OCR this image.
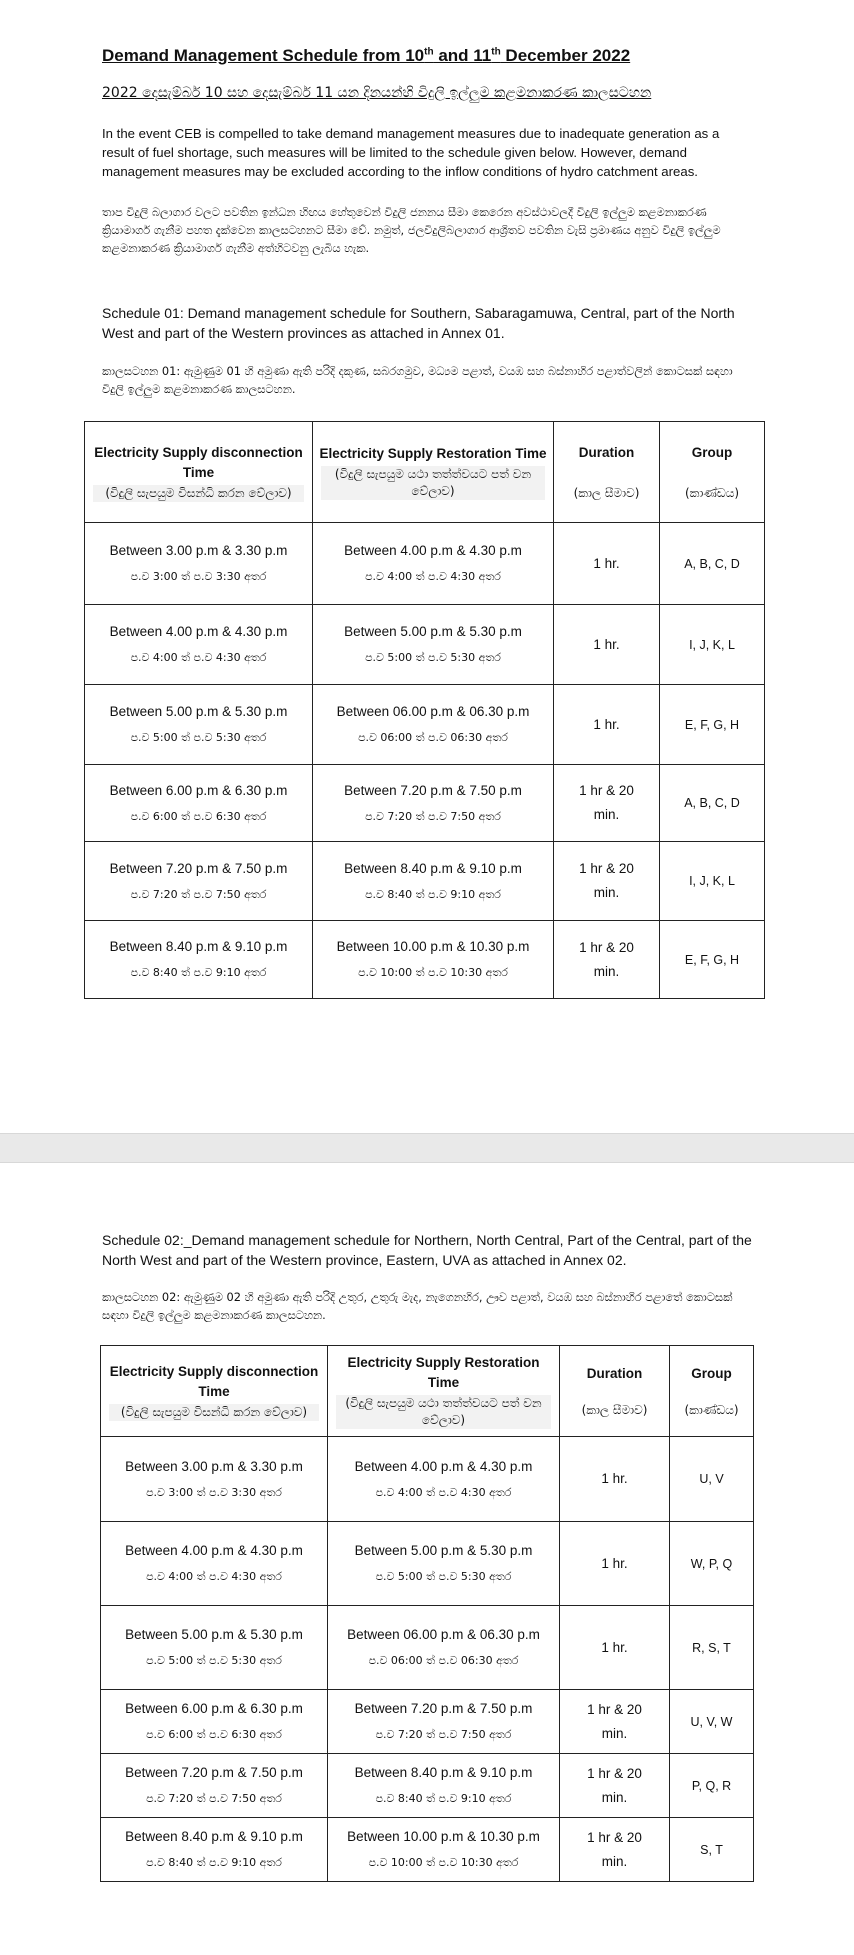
Demand Management Schedule from 10th and 11th December 2022
2022 දෙසැම්බර් 10 සහ දෙසැම්බර් 11 යන දිනයන්හි විදුලි ඉල්ලුම කළමනාකරණ කාලසටහන
In the event CEB is compelled to take demand management measures due to inadequate generation as a result of fuel shortage, such measures will be limited to the schedule given below. However, demand management measures may be excluded according to the inflow conditions of hydro catchment areas.
තාප විදුලි බලාගාර වලට පවතින ඉන්ධන හිඟය හේතුවෙන් විදුලි ජනනය සීමා කෙරෙන අවස්ථාවලදී විදුලි ඉල්ලුම කළමනාකරණ ක්‍රියාමාර්ග ගැනීම පහත දැක්වෙන කාලසටහනට සීමා වේ. නමුත්, ජලවිදුලිබලාගාර ආශ්‍රිතව පවතින වැසි ප්‍රමාණය අනුව විදුලි ඉල්ලුම කළමනාකරණ ක්‍රියාමාර්ග ගැනීම අත්හිටවනු ලැබිය හැක.
Schedule 01: Demand management schedule for Southern, Sabaragamuwa, Central, part of the North West and part of the Western provinces as attached in Annex 01.
කාලසටහන 01: ඇමුණුම 01 හි අමුණා ඇති පරිදි දකුණ, සබරගමුව, මධ්‍යම පළාත්, වයඹ සහ බස්නාහිර පළාත්වලින් කොටසක් සඳහා විදුලි ඉල්ලුම කළමනාකරණ කාලසටහන.
Electricity Supply disconnection Time
(විදුලි සැපයුම විසන්ධි කරන වේලාව)	Electricity Supply Restoration Time
(විදුලි සැපයුම යථා තත්ත්වයට පත් වන වේලාව)	Duration
(කාල සීමාව)	Group
(කාණ්ඩය)

Between 3.00 p.m & 3.30 p.m
ප.ව 3:00 ත් ප.ව 3:30 අතර	Between 4.00 p.m & 4.30 p.m
ප.ව 4:00 ත් ප.ව 4:30 අතර	1 hr.	A, B, C, D

Between 4.00 p.m & 4.30 p.m
ප.ව 4:00 ත් ප.ව 4:30 අතර	Between 5.00 p.m & 5.30 p.m
ප.ව 5:00 ත් ප.ව 5:30 අතර	1 hr.	I, J, K, L

Between 5.00 p.m & 5.30 p.m
ප.ව 5:00 ත් ප.ව 5:30 අතර	Between 06.00 p.m & 06.30 p.m
ප.ව 06:00 ත් ප.ව 06:30 අතර	1 hr.	E, F, G, H

Between 6.00 p.m & 6.30 p.m
ප.ව 6:00 ත් ප.ව 6:30 අතර	Between 7.20 p.m & 7.50 p.m
ප.ව 7:20 ත් ප.ව 7:50 අතර	1 hr & 20
min.	A, B, C, D

Between 7.20 p.m & 7.50 p.m
ප.ව 7:20 ත් ප.ව 7:50 අතර	Between 8.40 p.m & 9.10 p.m
ප.ව 8:40 ත් ප.ව 9:10 අතර	1 hr & 20
min.	I, J, K, L

Between 8.40 p.m & 9.10 p.m
ප.ව 8:40 ත් ප.ව 9:10 අතර	Between 10.00 p.m & 10.30 p.m
ප.ව 10:00 ත් ප.ව 10:30 අතර	1 hr & 20
min.	E, F, G, H
Schedule 02:_Demand management schedule for Northern, North Central, Part of the Central, part of the North West and part of the Western province, Eastern, UVA as attached in Annex 02.
කාලසටහන 02: ඇමුණුම 02 හි අමුණා ඇති පරිදි උතුර, උතුරු මැද, නැගෙනහිර, ඌව පළාත්, වයඹ සහ බස්නාහිර පළාතේ කොටසක් සඳහා විදුලි ඉල්ලුම කළමනාකරණ කාලසටහන.
Electricity Supply disconnection Time
(විදුලි සැපයුම විසන්ධි කරන වේලාව)	Electricity Supply Restoration Time
(විදුලි සැපයුම යථා තත්ත්වයට පත් වන වේලාව)	Duration
(කාල සීමාව)	Group
(කාණ්ඩය)

Between 3.00 p.m & 3.30 p.m
ප.ව 3:00 ත් ප.ව 3:30 අතර	Between 4.00 p.m & 4.30 p.m
ප.ව 4:00 ත් ප.ව 4:30 අතර	1 hr.	U, V

Between 4.00 p.m & 4.30 p.m
ප.ව 4:00 ත් ප.ව 4:30 අතර	Between 5.00 p.m & 5.30 p.m
ප.ව 5:00 ත් ප.ව 5:30 අතර	1 hr.	W, P, Q

Between 5.00 p.m & 5.30 p.m
ප.ව 5:00 ත් ප.ව 5:30 අතර	Between 06.00 p.m & 06.30 p.m
ප.ව 06:00 ත් ප.ව 06:30 අතර	1 hr.	R, S, T

Between 6.00 p.m & 6.30 p.m
ප.ව 6:00 ත් ප.ව 6:30 අතර	Between 7.20 p.m & 7.50 p.m
ප.ව 7:20 ත් ප.ව 7:50 අතර	1 hr & 20
min.	U, V, W

Between 7.20 p.m & 7.50 p.m
ප.ව 7:20 ත් ප.ව 7:50 අතර	Between 8.40 p.m & 9.10 p.m
ප.ව 8:40 ත් ප.ව 9:10 අතර	1 hr & 20
min.	P, Q, R

Between 8.40 p.m & 9.10 p.m
ප.ව 8:40 ත් ප.ව 9:10 අතර	Between 10.00 p.m & 10.30 p.m
ප.ව 10:00 ත් ප.ව 10:30 අතර	1 hr & 20
min.	S, T
